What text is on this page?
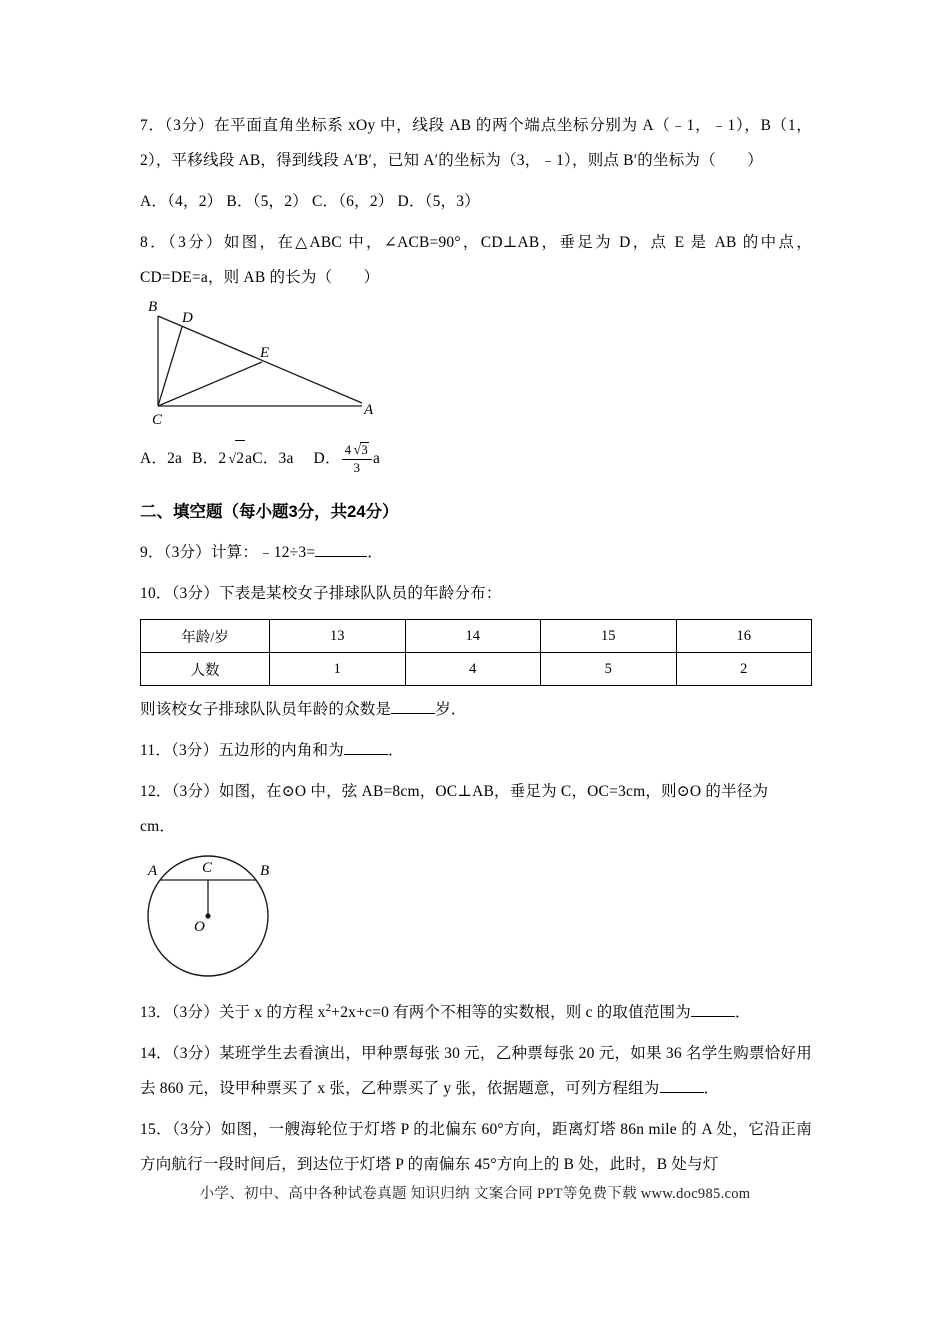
7．（3分）在平面直角坐标系 xOy 中，线段 AB 的两个端点坐标分别为 A（﹣1，﹣1），B（1，2），平移线段 AB，得到线段 A′B′，已知 A′的坐标为（3，﹣1），则点 B′的坐标为（　　）

A．（4，2） B．（5，2） C．（6，2） D．（5，3）

8．（3分）如图，在△ABC 中，∠ACB=90°，CD⊥AB，垂足为 D，点 E 是 AB 的中点，CD=DE=a，则 AB 的长为（　　）

B
D
E
C
A

A．2a B．2 √2aC．3a D． $\frac{4 √3}{3}$ a

二、填空题（每小题3分，共24分）

9．（3分）计算：﹣12÷3=	．

10．（3分）下表是某校女子排球队队员的年龄分布：

年龄/岁	13	14	15	16
人数	1	4	5	2

则该校女子排球队队员年龄的众数是	岁．

11．（3分）五边形的内角和为	．

12．（3分）如图，在⊙O 中，弦 AB=8cm，OC⊥AB，垂足为 C，OC=3cm，则⊙O 的半径为

cm．

A	C	B
O

13．（3分）关于 x 的方程 $x^2+2x+c=0$ 有两个不相等的实数根，则 c 的取值范围为	．

14．（3分）某班学生去看演出，甲种票每张 30 元，乙种票每张 20 元，如果 36 名学生购票恰好用去 860 元，设甲种票买了 x 张，乙种票买了 y 张，依据题意，可列方程组为	．

15．（3分）如图，一艘海轮位于灯塔 P 的北偏东 60°方向，距离灯塔 86n mile 的 A 处，它沿正南方向航行一段时间后，到达位于灯塔 P 的南偏东 45°方向上的 B 处，此时，B 处与灯

小学、初中、高中各种试卷真题 知识归纳 文案合同 PPT等免费下载 www.doc985.com
